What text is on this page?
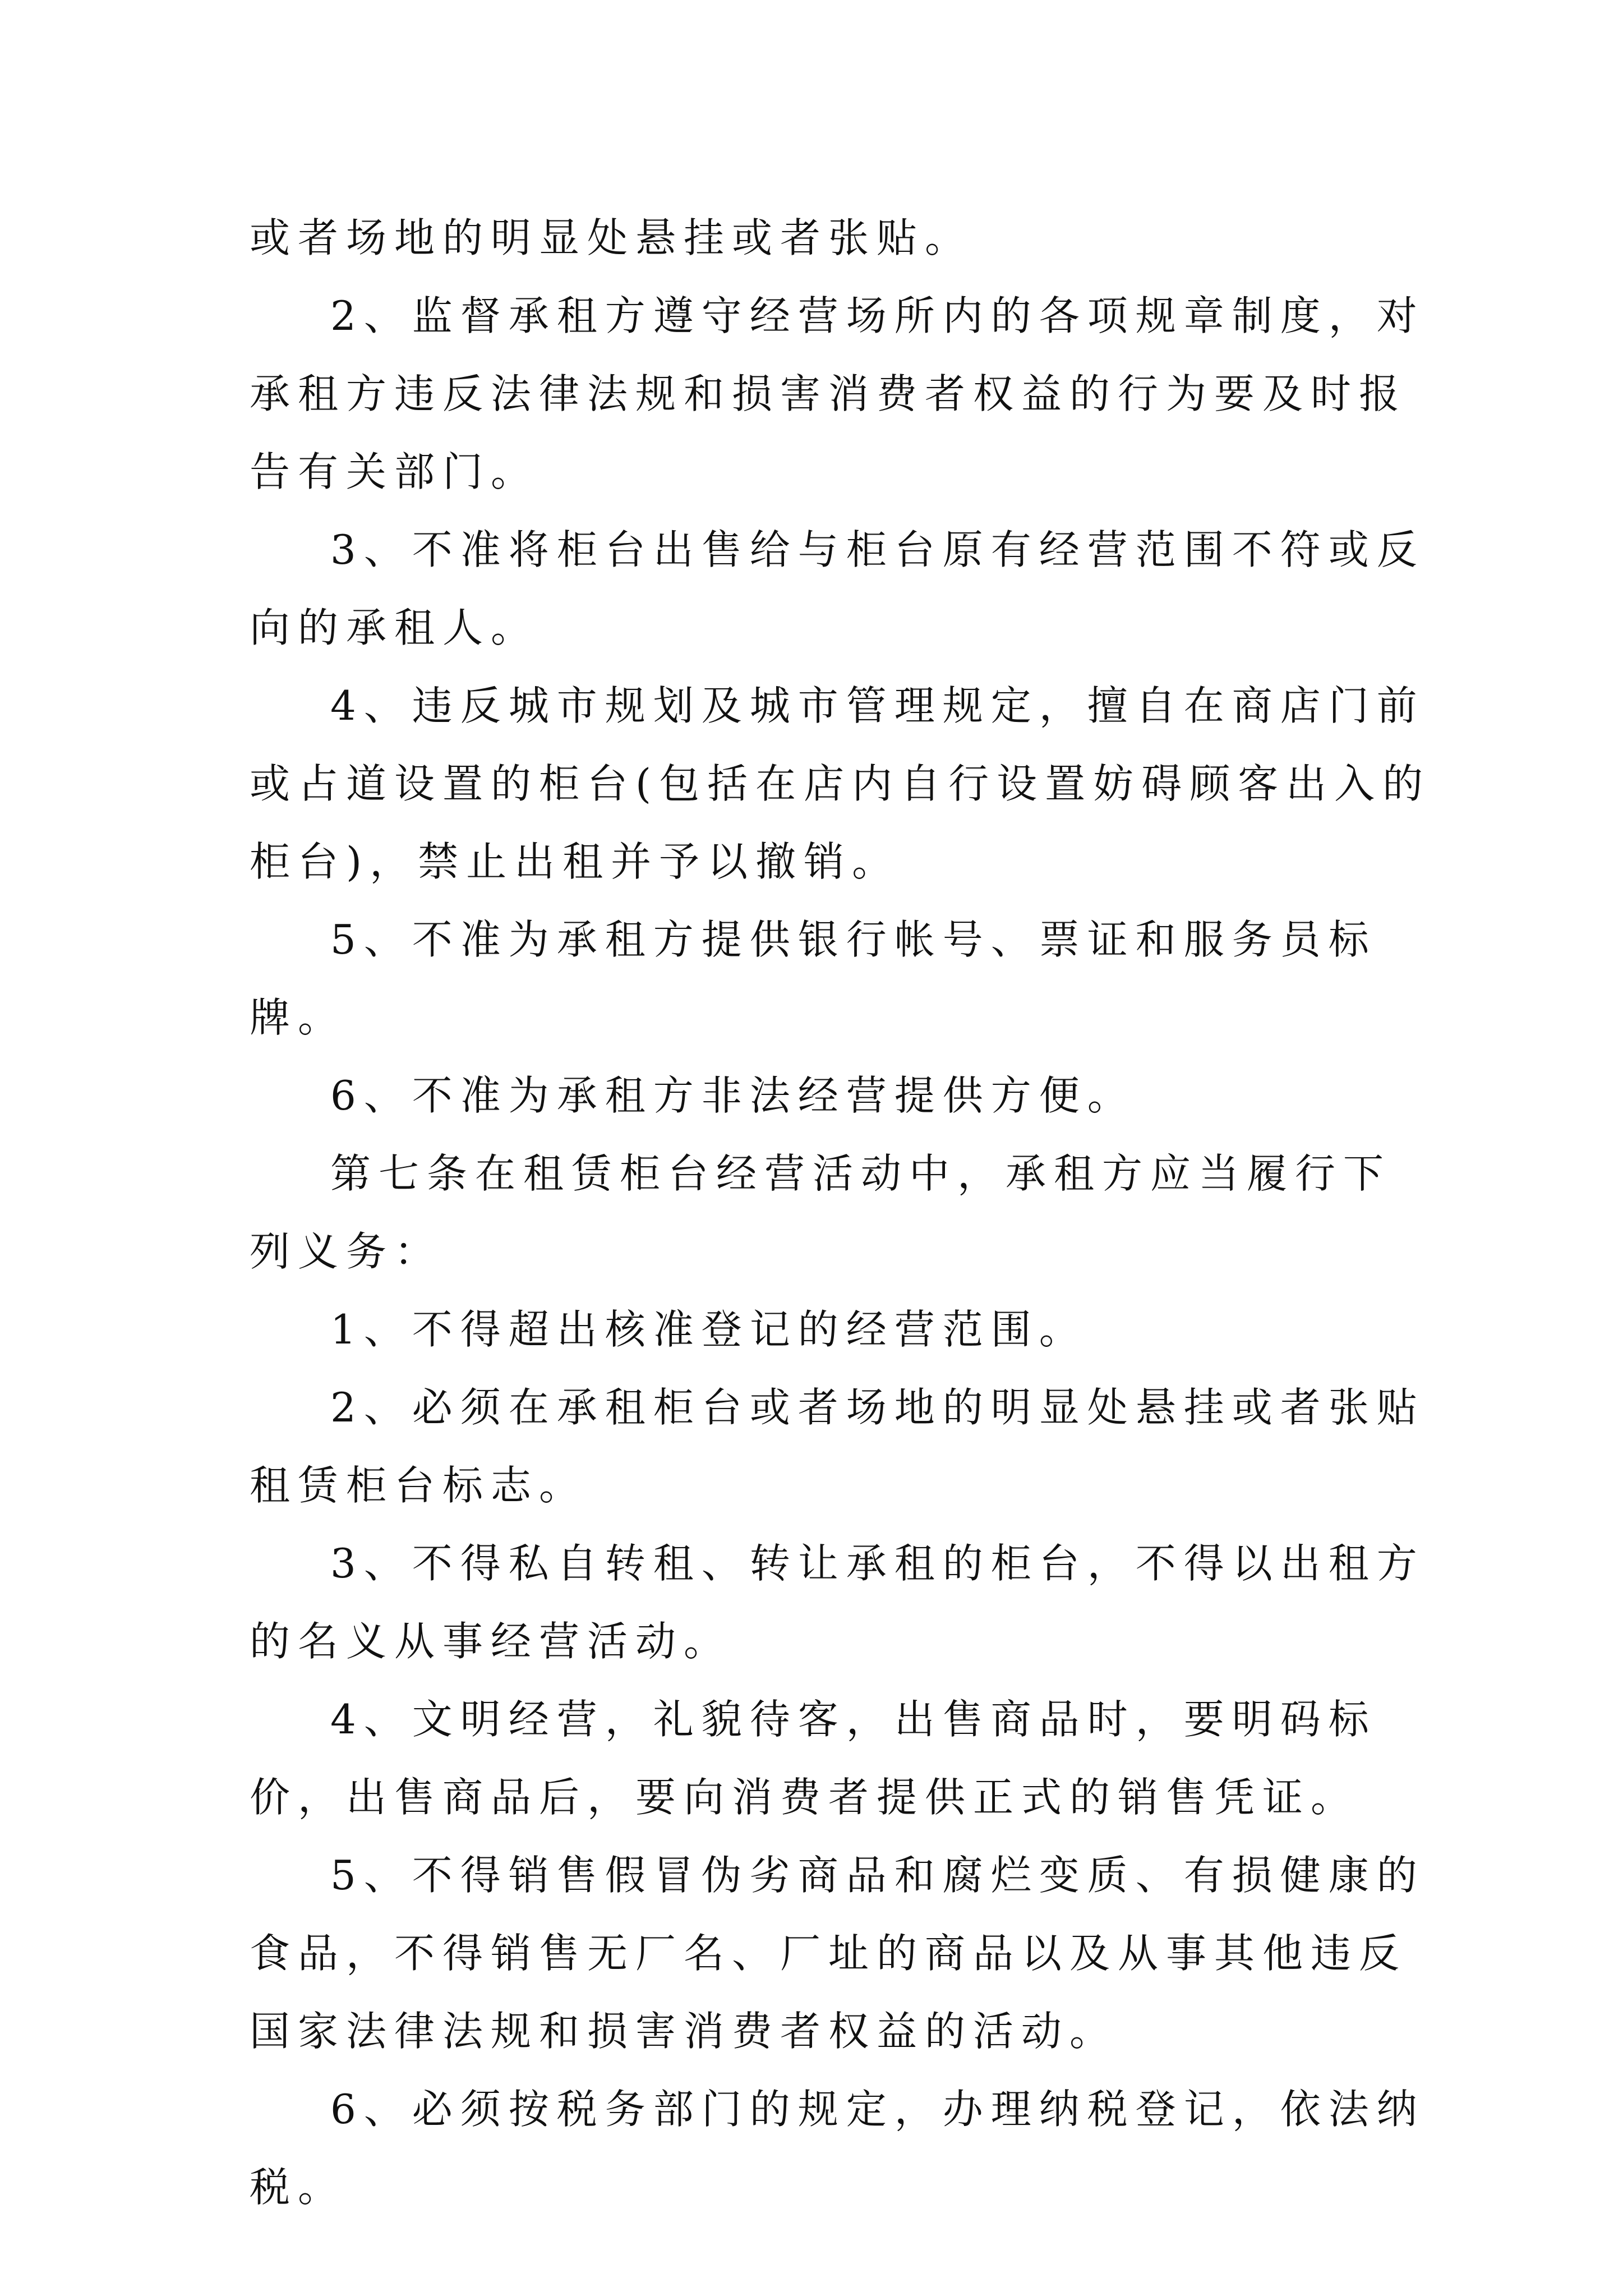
或者场地的明显处悬挂或者张贴。

2、监督承租方遵守经营场所内的各项规章制度，对承租方违反法律法规和损害消费者权益的行为要及时报告有关部门。

3、不准将柜台出售给与柜台原有经营范围不符或反向的承租人。

4、违反城市规划及城市管理规定，擅自在商店门前或占道设置的柜台(包括在店内自行设置妨碍顾客出入的柜台)，禁止出租并予以撤销。

5、不准为承租方提供银行帐号、票证和服务员标牌。

6、不准为承租方非法经营提供方便。

第七条在租赁柜台经营活动中，承租方应当履行下列义务：

1、不得超出核准登记的经营范围。

2、必须在承租柜台或者场地的明显处悬挂或者张贴租赁柜台标志。

3、不得私自转租、转让承租的柜台，不得以出租方的名义从事经营活动。

4、文明经营，礼貌待客，出售商品时，要明码标价，出售商品后，要向消费者提供正式的销售凭证。

5、不得销售假冒伪劣商品和腐烂变质、有损健康的食品，不得销售无厂名、厂址的商品以及从事其他违反国家法律法规和损害消费者权益的活动。

6、必须按税务部门的规定，办理纳税登记，依法纳税。
